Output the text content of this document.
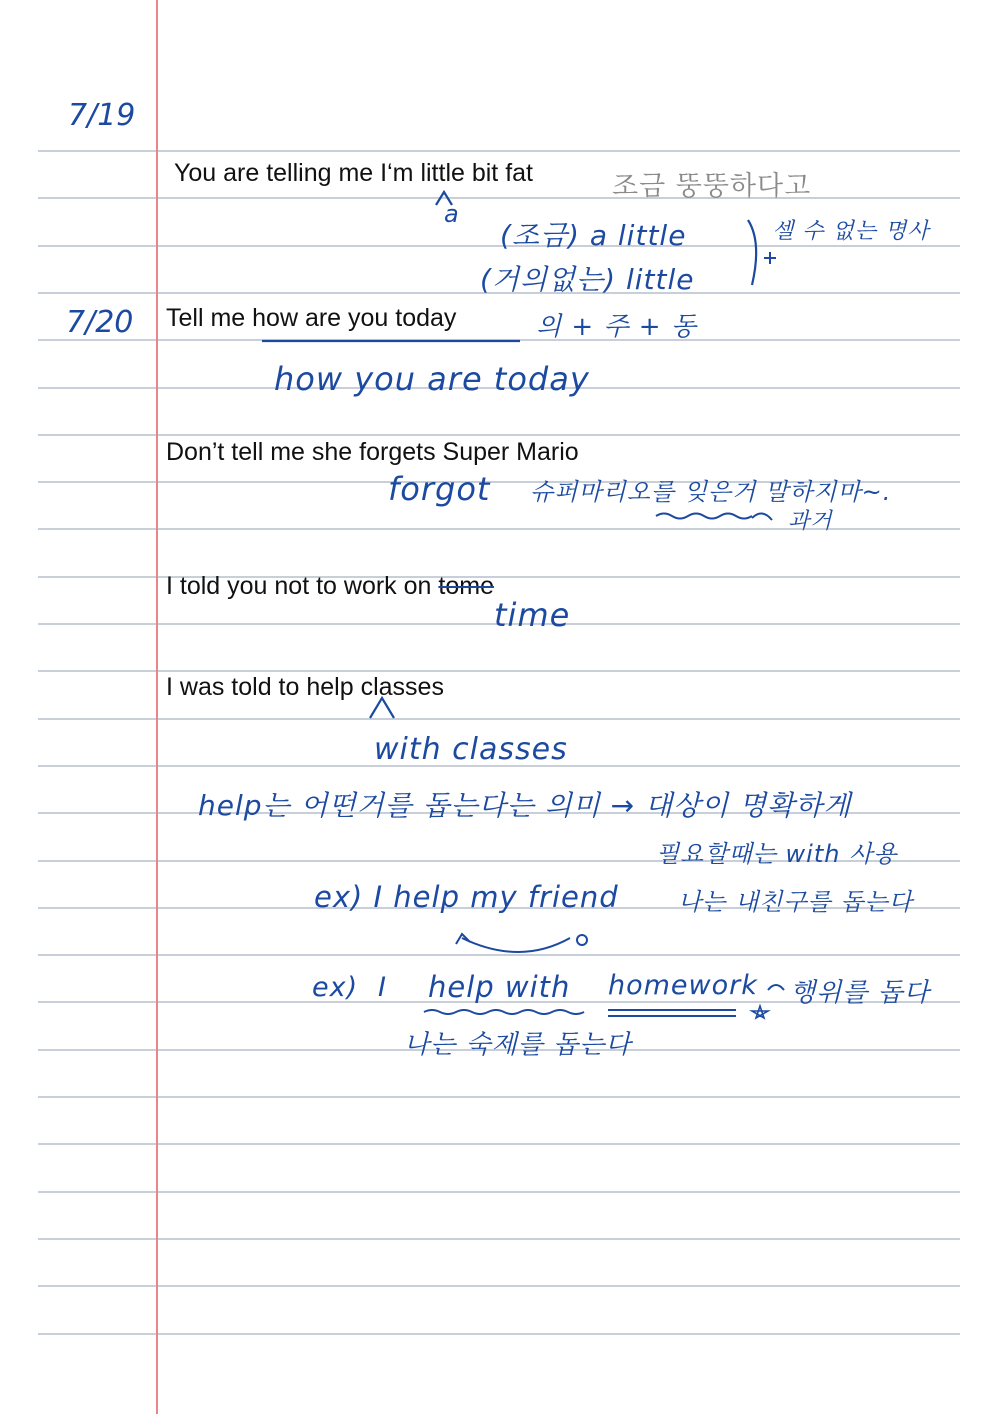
7/19
7/20
You are telling me I‘m little bit fat
a
조금 뚱뚱하다고
(조금) a little
(거의없는) little
셀 수 없는 명사
Tell me how are you today	의 + 주 + 동
how you are today
Don’t tell me she forgets Super Mario
forgot 슈퍼마리오를 잊은거 말하지마~.
과거
I told you not to work on tome
time
I was told to help classes
with classes
help는 어떤거를 돕는다는 의미 → 대상이 명확하게
필요할때는 with 사용
ex) I help my friend 나는 내친구를 돕는다
ex) I help with homework 행위를 돕다
나는 숙제를 돕는다
